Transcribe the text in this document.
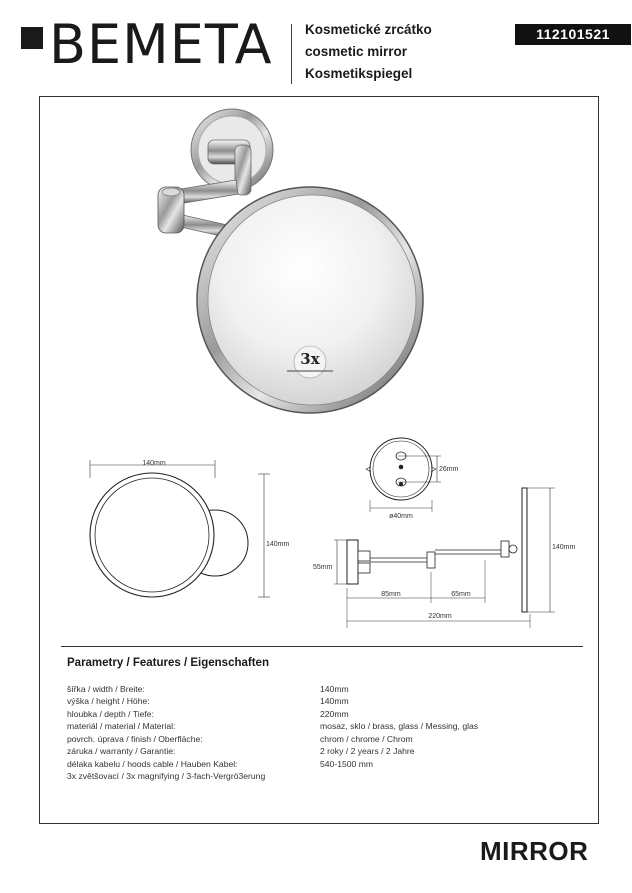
BEMETA Kosmetické zrcátko
cosmetic mirror
Kosmetikspiegel
112101521
3x
140mm
140mm
26mm
ø40mm
140mm
55mm
85mm	65mm
220mm
Parametry / Features / Eigenschaften
šířka / width / Breite:	140mm
výška / height / Höhe:	140mm
hloubka / depth / Tiefe:	220mm
materiál / material / Material:	mosaz, sklo / brass, glass / Messing, glas
povrch. úprava / finish / Oberfläche:	chrom / chrome / Chrom
záruka / warranty / Garantie:	2 roky / 2 years / 2 Jahre
délaka kabelu / hoods cable / Hauben Kabel:	540-1500 mm
3x zvětšovací / 3x magnifying / 3-fach-Vergrö3erung
MIRROR
